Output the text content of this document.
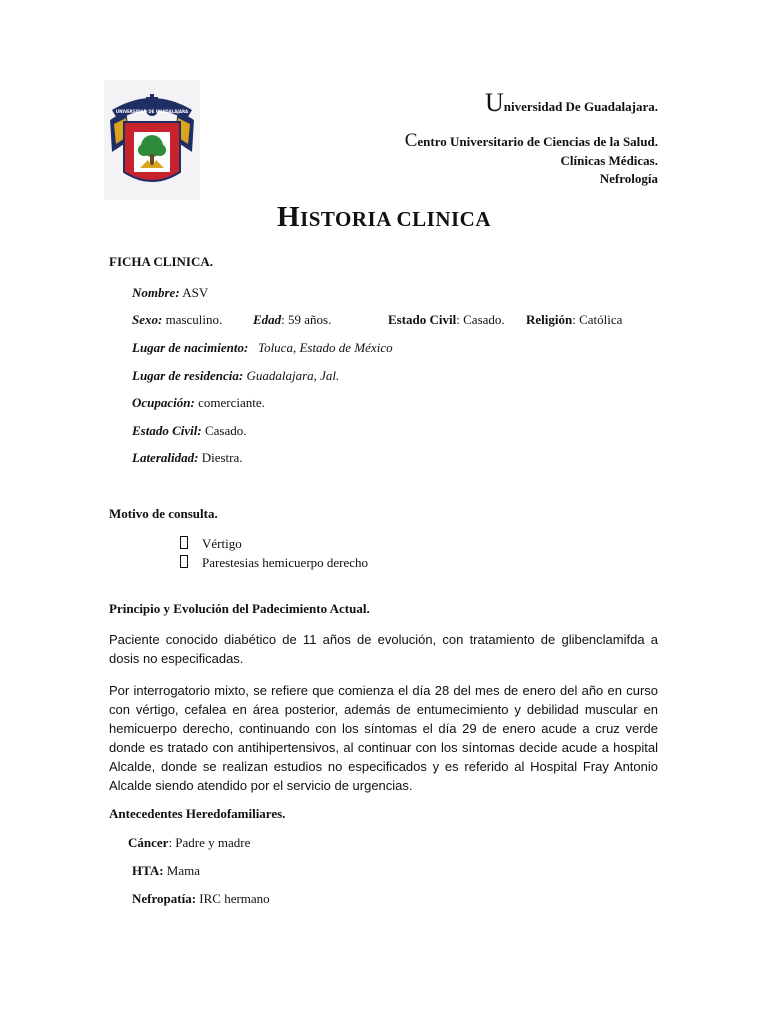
UNIVERSIDAD DE GUADALAJARA	Universidad De Guadalajara.
Centro Universitario de Ciencias de la Salud.
Clínicas Médicas.
Nefrología
HISTORIA CLINICA
FICHA CLINICA.
Nombre: ASV
Sexo: masculino. Edad: 59 años.	Estado Civil: Casado. Religión: Católica
Lugar de nacimiento: Toluca, Estado de México
Lugar de residencia: Guadalajara, Jal.
Ocupación: comerciante.
Estado Civil: Casado.
Lateralidad: Diestra.
Motivo de consulta.
Vértigo
Parestesias hemicuerpo derecho
Principio y Evolución del Padecimiento Actual.
Paciente conocido diabético de 11 años de evolución, con tratamiento de glibenclamifda a dosis no especificadas.
Por interrogatorio mixto, se refiere que comienza el día 28 del mes de enero del año en curso con vértigo, cefalea en área posterior, además de entumecimiento y debilidad muscular en hemicuerpo derecho, continuando con los síntomas el día 29 de enero acude a cruz verde donde es tratado con antihipertensivos, al continuar con los síntomas decide acude a hospital Alcalde, donde se realizan estudios no especificados y es referido al Hospital Fray Antonio Alcalde siendo atendido por el servicio de urgencias.
Antecedentes Heredofamiliares.
Cáncer: Padre y madre
HTA: Mama
Nefropatía: IRC hermano
